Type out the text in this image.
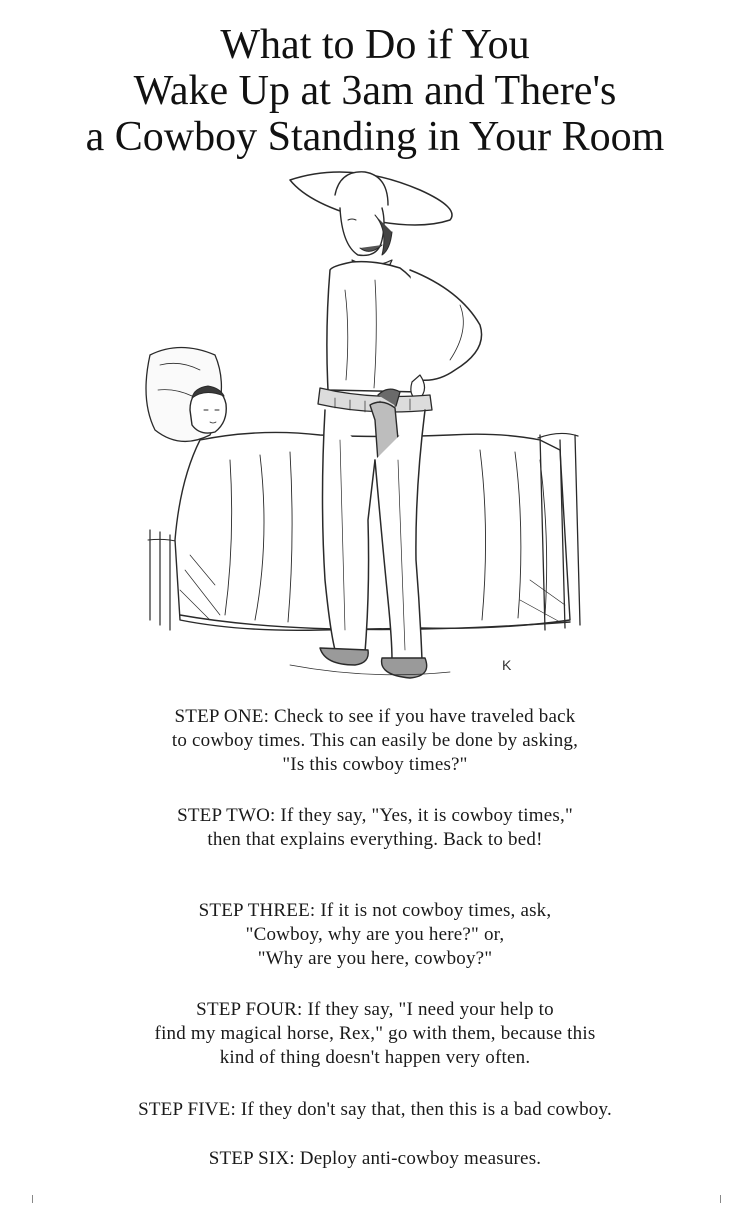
What to Do if You
Wake Up at 3am and There's
a Cowboy Standing in Your Room
K
STEP ONE: Check to see if you have traveled back
to cowboy times. This can easily be done by asking,
"Is this cowboy times?"
STEP TWO: If they say, "Yes, it is cowboy times,"
then that explains everything. Back to bed!
STEP THREE: If it is not cowboy times, ask,
"Cowboy, why are you here?" or,
"Why are you here, cowboy?"
STEP FOUR: If they say, "I need your help to
find my magical horse, Rex," go with them, because this
kind of thing doesn't happen very often.
STEP FIVE: If they don't say that, then this is a bad cowboy.
STEP SIX: Deploy anti-cowboy measures.
